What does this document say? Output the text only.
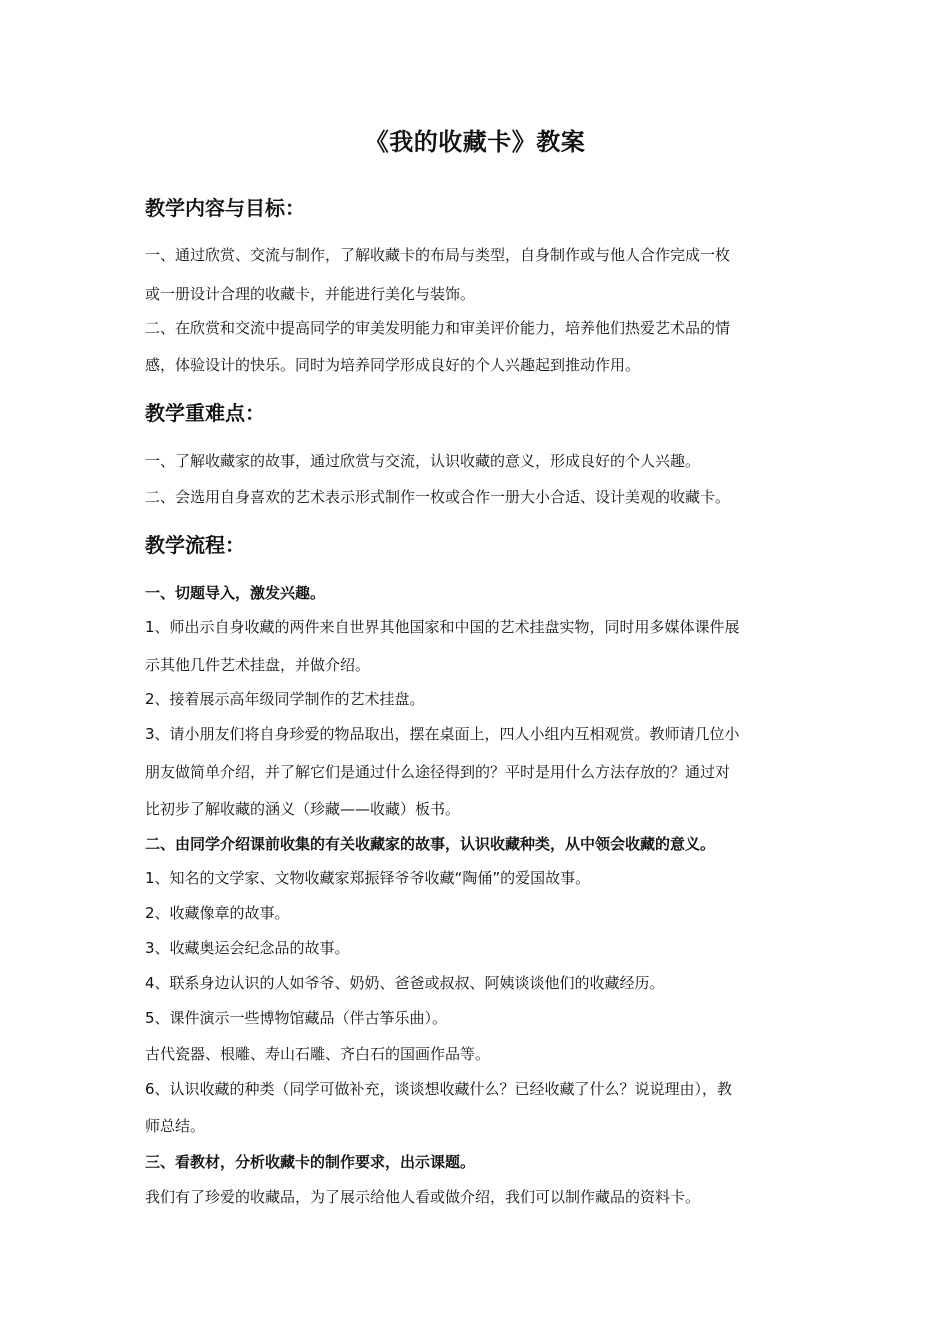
《我的收藏卡》教案
教学内容与目标：
一、通过欣赏、交流与制作，了解收藏卡的布局与类型，自身制作或与他人合作完成一枚
或一册设计合理的收藏卡，并能进行美化与装饰。
二、在欣赏和交流中提高同学的审美发明能力和审美评价能力，培养他们热爱艺术品的情
感，体验设计的快乐。同时为培养同学形成良好的个人兴趣起到推动作用。
教学重难点：
一、了解收藏家的故事，通过欣赏与交流，认识收藏的意义，形成良好的个人兴趣。
二、会选用自身喜欢的艺术表示形式制作一枚或合作一册大小合适、设计美观的收藏卡。
教学流程：
一、切题导入，激发兴趣。
1、师出示自身收藏的两件来自世界其他国家和中国的艺术挂盘实物，同时用多媒体课件展
示其他几件艺术挂盘，并做介绍。
2、接着展示高年级同学制作的艺术挂盘。
3、请小朋友们将自身珍爱的物品取出，摆在桌面上，四人小组内互相观赏。教师请几位小
朋友做简单介绍，并了解它们是通过什么途径得到的？平时是用什么方法存放的？通过对
比初步了解收藏的涵义（珍藏——收藏）板书。
二、由同学介绍课前收集的有关收藏家的故事，认识收藏种类，从中领会收藏的意义。
1、知名的文学家、文物收藏家郑振铎爷爷收藏“陶俑”的爱国故事。
2、收藏像章的故事。
3、收藏奥运会纪念品的故事。
4、联系身边认识的人如爷爷、奶奶、爸爸或叔叔、阿姨谈谈他们的收藏经历。
5、课件演示一些博物馆藏品（伴古筝乐曲）。
古代瓷器、根雕、寿山石雕、齐白石的国画作品等。
6、认识收藏的种类（同学可做补充，谈谈想收藏什么？已经收藏了什么？说说理由），教
师总结。
三、看教材，分析收藏卡的制作要求，出示课题。
我们有了珍爱的收藏品，为了展示给他人看或做介绍，我们可以制作藏品的资料卡。
